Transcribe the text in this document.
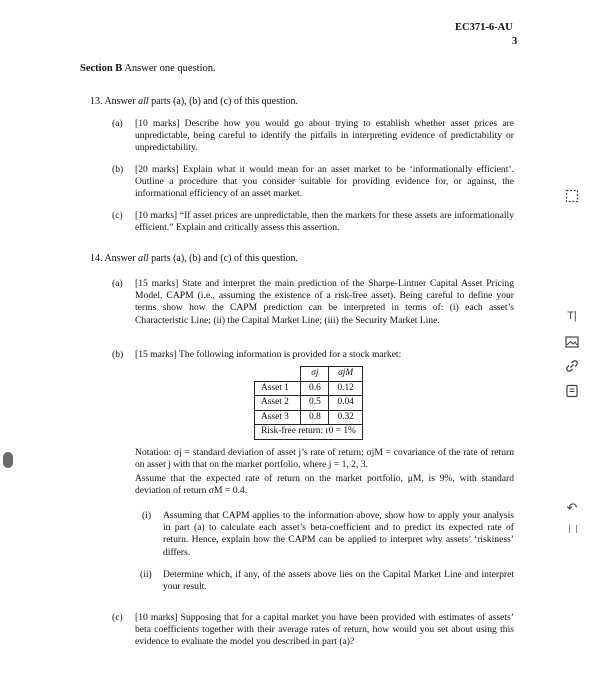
EC371-6-AU
3
Section B Answer one question.
13. Answer all parts (a), (b) and (c) of this question.
(a) [10 marks] Describe how you would go about trying to establish whether asset prices are unpredictable, being careful to identify the pitfalls in interpreting evidence of predictability or unpredictability.
(b) [20 marks] Explain what it would mean for an asset market to be ‘informationally efficient’. Outline a procedure that you consider suitable for providing evidence for, or against, the informational efficiency of an asset market.
(c) [10 marks] “If asset prices are unpredictable, then the markets for these assets are informationally efficient.” Explain and critically assess this assertion.
14. Answer all parts (a), (b) and (c) of this question.
(a) [15 marks] State and interpret the main prediction of the Sharpe-Lintner Capital Asset Pricing Model, CAPM (i.e., assuming the existence of a risk-free asset). Being careful to define your terms show how the CAPM prediction can be interpreted in terms of: (i) each asset’s Characteristic Line; (ii) the Capital Market Line; (iii) the Security Market Line.
(b) [15 marks] The following information is provided for a stock market:
	σj	σjM
Asset 1	0.6	0.12
Asset 2	0.5	0.04
Asset 3	0.8	0.32
Risk-free return: r0 = 1%		
Notation: σj = standard deviation of asset j’s rate of return; σjM = covariance of the rate of return on asset j with that on the market portfolio, where j = 1, 2, 3.
Assume that the expected rate of return on the market portfolio, μM, is 9%, with standard deviation of return σM = 0.4.
(i) Assuming that CAPM applies to the information above, show how to apply your analysis in part (a) to calculate each asset’s beta-coefficient and to predict its expected rate of return. Hence, explain how the CAPM can be applied to interpret why assets’ ‘riskiness’ differs.
(ii) Determine which, if any, of the assets above lies on the Capital Market Line and interpret your result.
(c) [10 marks] Supposing that for a capital market you have been provided with estimates of assets’ beta coefficients together with their average rates of return, how would you set about using this evidence to evaluate the model you described in part (a)?
T|
↶
